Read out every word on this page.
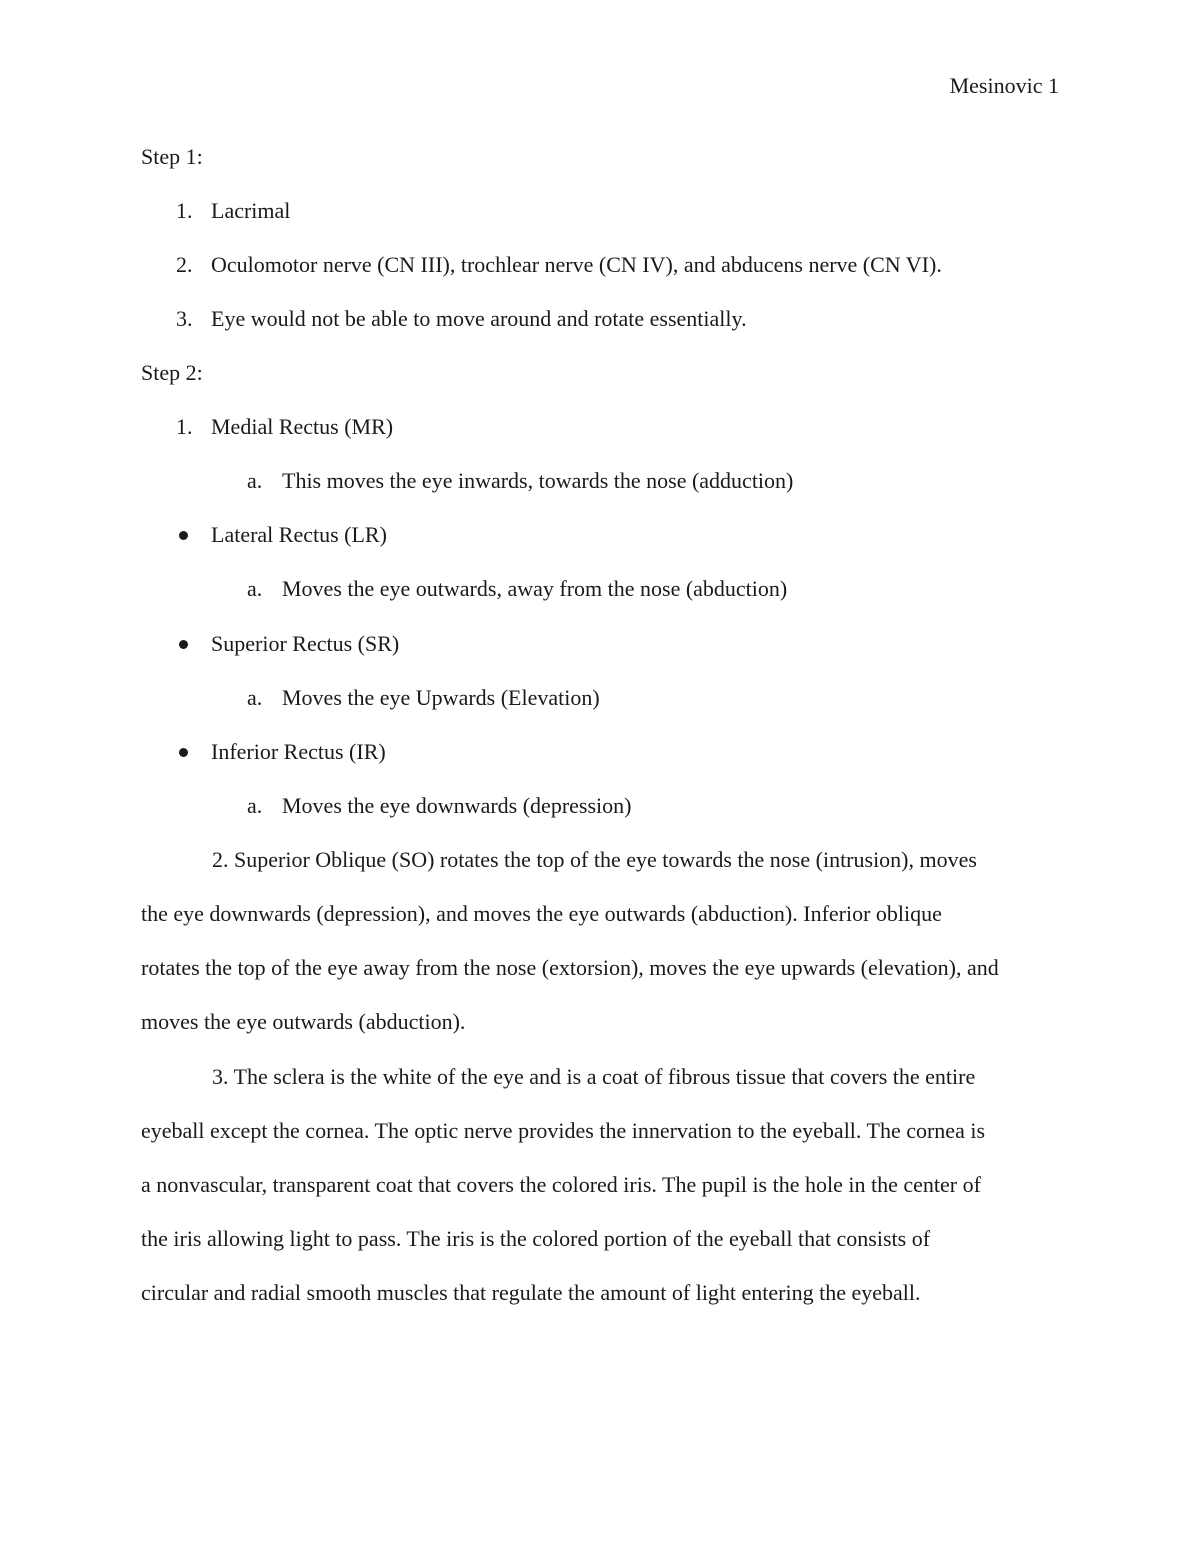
Mesinovic 1
Step 1:
1. Lacrimal
2. Oculomotor nerve (CN III), trochlear nerve (CN IV), and abducens nerve (CN VI).
3. Eye would not be able to move around and rotate essentially.
Step 2:
1. Medial Rectus (MR)
a. This moves the eye inwards, towards the nose (adduction)
Lateral Rectus (LR)
a. Moves the eye outwards, away from the nose (abduction)
Superior Rectus (SR)
a. Moves the eye Upwards (Elevation)
Inferior Rectus (IR)
a. Moves the eye downwards (depression)
2. Superior Oblique (SO) rotates the top of the eye towards the nose (intrusion), moves
the eye downwards (depression), and moves the eye outwards (abduction). Inferior oblique
rotates the top of the eye away from the nose (extorsion), moves the eye upwards (elevation), and
moves the eye outwards (abduction).
3. The sclera is the white of the eye and is a coat of fibrous tissue that covers the entire
eyeball except the cornea. The optic nerve provides the innervation to the eyeball. The cornea is
a nonvascular, transparent coat that covers the colored iris. The pupil is the hole in the center of
the iris allowing light to pass. The iris is the colored portion of the eyeball that consists of
circular and radial smooth muscles that regulate the amount of light entering the eyeball.
